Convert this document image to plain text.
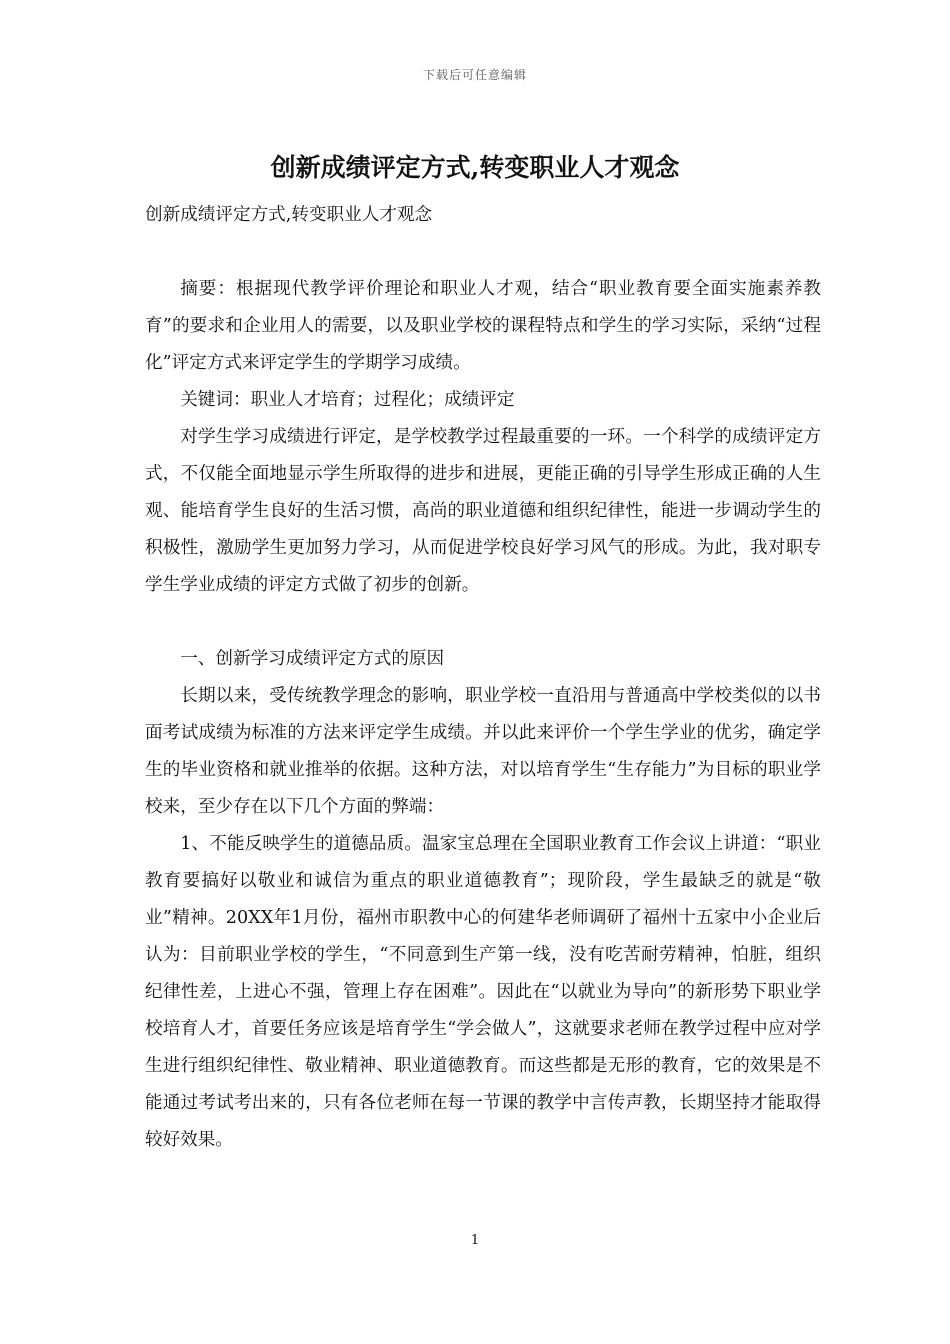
下载后可任意编辑
创新成绩评定方式,转变职业人才观念

创新成绩评定方式,转变职业人才观念

摘要：根据现代教学评价理论和职业人才观，结合“职业教育要全面实施素养教育”的要求和企业用人的需要，以及职业学校的课程特点和学生的学习实际，采纳“过程化”评定方式来评定学生的学期学习成绩。

关键词：职业人才培育；过程化；成绩评定

对学生学习成绩进行评定，是学校教学过程最重要的一环。一个科学的成绩评定方式，不仅能全面地显示学生所取得的进步和进展，更能正确的引导学生形成正确的人生观、能培育学生良好的生活习惯，高尚的职业道德和组织纪律性，能进一步调动学生的积极性，激励学生更加努力学习，从而促进学校良好学习风气的形成。为此，我对职专学生学业成绩的评定方式做了初步的创新。

一、创新学习成绩评定方式的原因

长期以来，受传统教学理念的影响，职业学校一直沿用与普通高中学校类似的以书面考试成绩为标准的方法来评定学生成绩。并以此来评价一个学生学业的优劣，确定学生的毕业资格和就业推举的依据。这种方法，对以培育学生“生存能力”为目标的职业学校来，至少存在以下几个方面的弊端：

1、不能反映学生的道德品质。温家宝总理在全国职业教育工作会议上讲道：“职业教育要搞好以敬业和诚信为重点的职业道德教育”；现阶段，学生最缺乏的就是“敬业”精神。20XX年1月份，福州市职教中心的何建华老师调研了福州十五家中小企业后认为：目前职业学校的学生，“不同意到生产第一线，没有吃苦耐劳精神，怕脏，组织纪律性差，上进心不强，管理上存在困难”。因此在“以就业为导向”的新形势下职业学校培育人才，首要任务应该是培育学生“学会做人”，这就要求老师在教学过程中应对学生进行组织纪律性、敬业精神、职业道德教育。而这些都是无形的教育，它的效果是不能通过考试考出来的，只有各位老师在每一节课的教学中言传声教，长期坚持才能取得较好效果。

1
